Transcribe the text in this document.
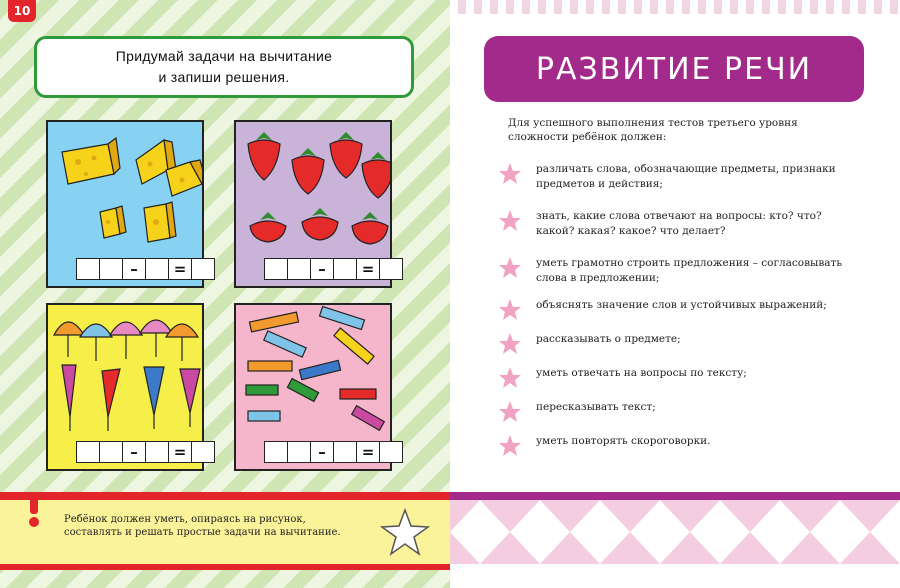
10
Придумай задачи на вычитание
и запиши решения.
–	=	–	=
–	=	–	=
Ребёнок должен уметь, опираясь на рисунок, составлять и решать простые задачи на вычитание.
РАЗВИТИЕ РЕЧИ
Для успешного выполнения тестов третьего уровня сложности ребёнок должен:
различать слова, обозначающие предметы, признаки предметов и действия;
знать, какие слова отвечают на вопросы: кто? что? какой? какая? какое? что делает?
уметь грамотно строить предложения – согласовывать слова в предложении;
объяснять значение слов и устойчивых выражений;
рассказывать о предмете;
уметь отвечать на вопросы по тексту;
пересказывать текст;
уметь повторять скороговорки.
